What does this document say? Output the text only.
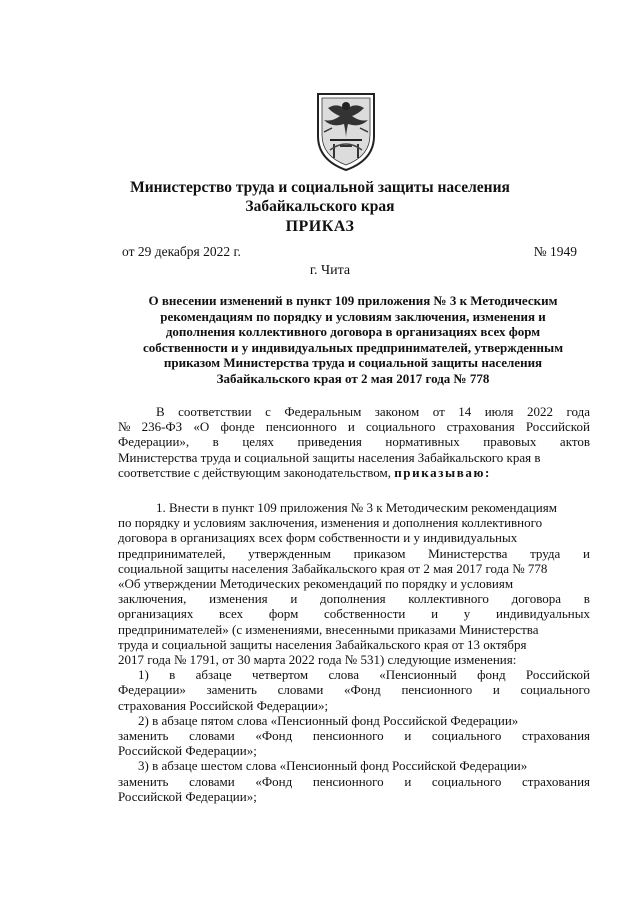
Министерство труда и социальной защиты населения
Забайкальского края
ПРИКАЗ
от 29 декабря 2022 г.	№ 1949
г. Чита
О внесении изменений в пункт 109 приложения № 3 к Методическим
рекомендациям по порядку и условиям заключения, изменения и
дополнения коллективного договора в организациях всех форм
собственности и у индивидуальных предпринимателей, утвержденным
приказом Министерства труда и социальной защиты населения
Забайкальского края от 2 мая 2017 года № 778
В соответствии с Федеральным законом от 14 июля 2022 года
№ 236-ФЗ «О фонде пенсионного и социального страхования Российской
Федерации», в целях приведения нормативных правовых актов
Министерства труда и социальной защиты населения Забайкальского края в
соответствие с действующим законодательством, приказываю:
1. Внести в пункт 109 приложения № 3 к Методическим рекомендациям
по порядку и условиям заключения, изменения и дополнения коллективного
договора в организациях всех форм собственности и у индивидуальных
предпринимателей, утвержденным приказом Министерства труда и
социальной защиты населения Забайкальского края от 2 мая 2017 года № 778
«Об утверждении Методических рекомендаций по порядку и условиям
заключения, изменения и дополнения коллективного договора в
организациях всех форм собственности и у индивидуальных
предпринимателей» (с изменениями, внесенными приказами Министерства
труда и социальной защиты населения Забайкальского края от 13 октября
2017 года № 1791, от 30 марта 2022 года № 531) следующие изменения:
1) в абзаце четвертом слова «Пенсионный фонд Российской
Федерации» заменить словами «Фонд пенсионного и социального
страхования Российской Федерации»;
2) в абзаце пятом слова «Пенсионный фонд Российской Федерации»
заменить словами «Фонд пенсионного и социального страхования
Российской Федерации»;
3) в абзаце шестом слова «Пенсионный фонд Российской Федерации»
заменить словами «Фонд пенсионного и социального страхования
Российской Федерации»;
